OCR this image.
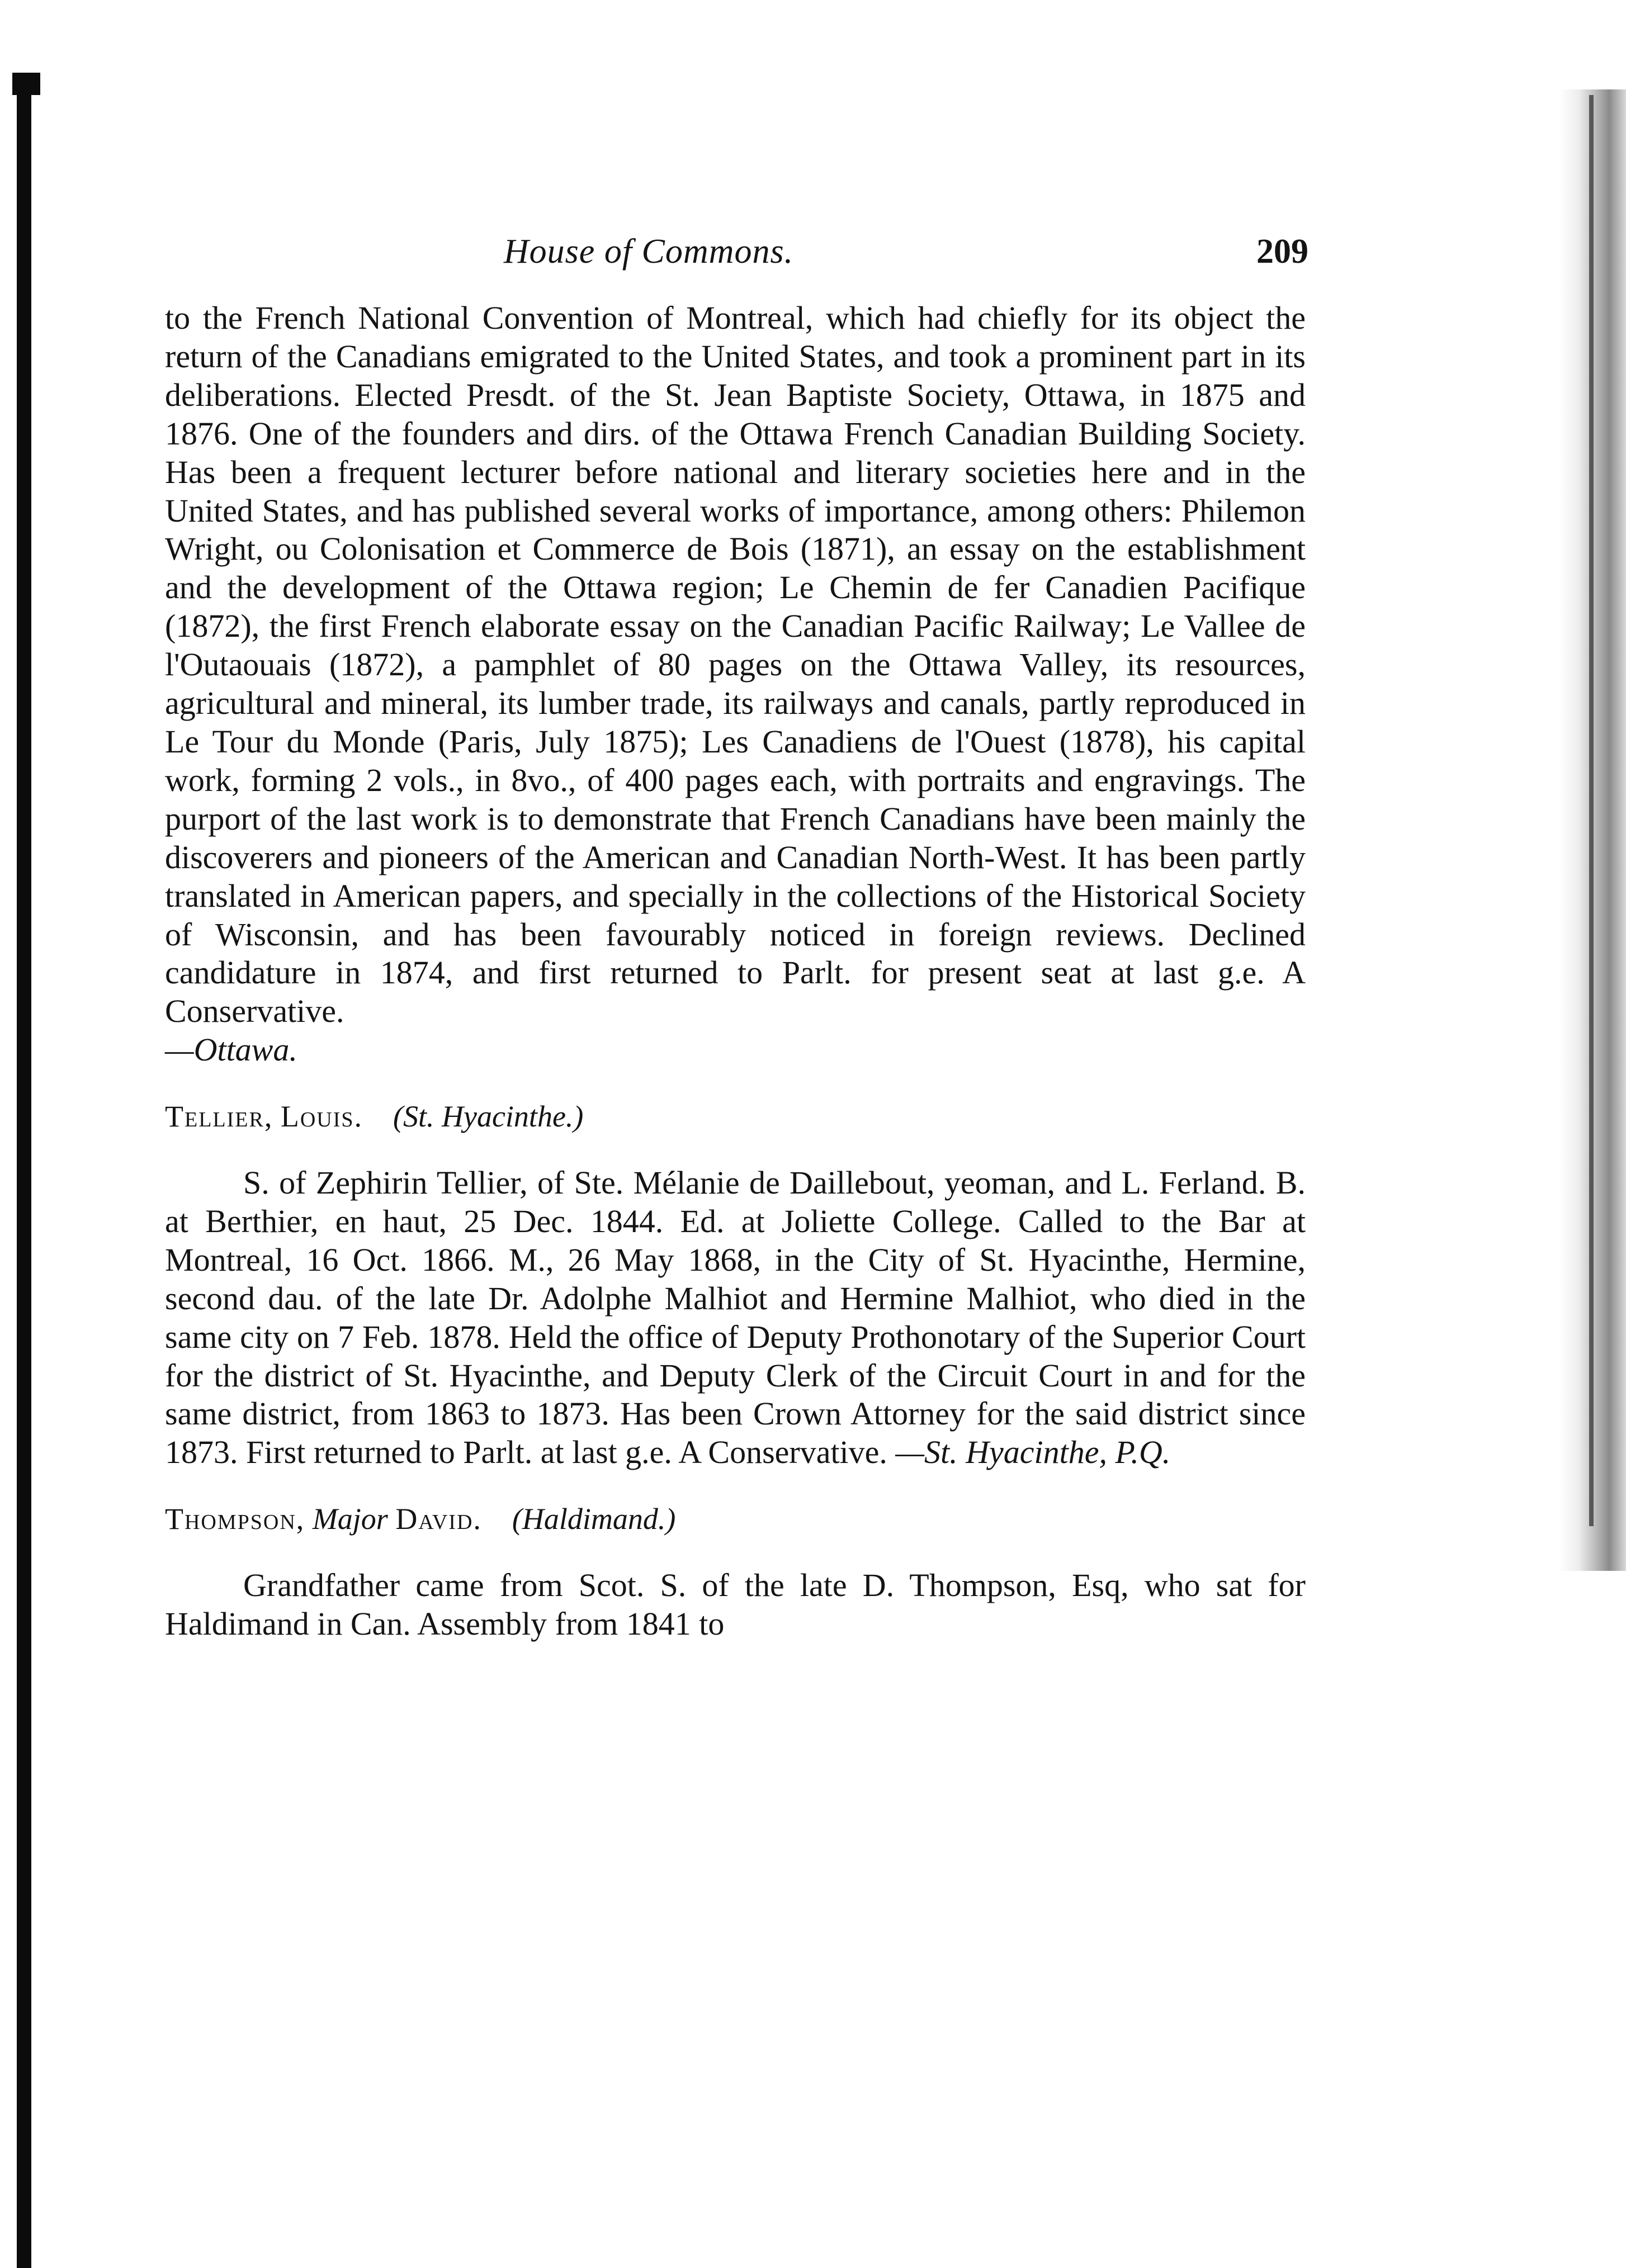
House of Commons.	209

to the French National Convention of Montreal, which had chiefly for its object the return of the Canadians emigrated to the United States, and took a prominent part in its deliberations. Elected Presdt. of the St. Jean Baptiste Society, Ottawa, in 1875 and 1876. One of the founders and dirs. of the Ottawa French Canadian Building Society. Has been a frequent lecturer before national and literary societies here and in the United States, and has published several works of importance, among others: Philemon Wright, ou Colonisation et Commerce de Bois (1871), an essay on the establishment and the development of the Ottawa region; Le Chemin de fer Canadien Pacifique (1872), the first French elaborate essay on the Canadian Pacific Railway; Le Vallee de l'Outaouais (1872), a pamphlet of 80 pages on the Ottawa Valley, its resources, agricultural and mineral, its lumber trade, its railways and canals, partly reproduced in Le Tour du Monde (Paris, July 1875); Les Canadiens de l'Ouest (1878), his capital work, forming 2 vols., in 8vo., of 400 pages each, with portraits and engravings. The purport of the last work is to demonstrate that French Canadians have been mainly the discoverers and pioneers of the American and Canadian North-West. It has been partly translated in American papers, and specially in the collections of the Historical Society of Wisconsin, and has been favourably noticed in foreign reviews. Declined candidature in 1874, and first returned to Parlt. for present seat at last g.e. A Conservative.
—Ottawa.

Tellier, Louis. (St. Hyacinthe.)

S. of Zephirin Tellier, of Ste. Mélanie de Daillebout, yeoman, and L. Ferland. B. at Berthier, en haut, 25 Dec. 1844. Ed. at Joliette College. Called to the Bar at Montreal, 16 Oct. 1866. M., 26 May 1868, in the City of St. Hyacinthe, Hermine, second dau. of the late Dr. Adolphe Malhiot and Hermine Malhiot, who died in the same city on 7 Feb. 1878. Held the office of Deputy Prothonotary of the Superior Court for the district of St. Hyacinthe, and Deputy Clerk of the Circuit Court in and for the same district, from 1863 to 1873. Has been Crown Attorney for the said district since 1873. First returned to Parlt. at last g.e. A Conservative. —St. Hyacinthe, P.Q.

Thompson, Major David. (Haldimand.)

Grandfather came from Scot. S. of the late D. Thompson, Esq, who sat for Haldimand in Can. Assembly from 1841 to
